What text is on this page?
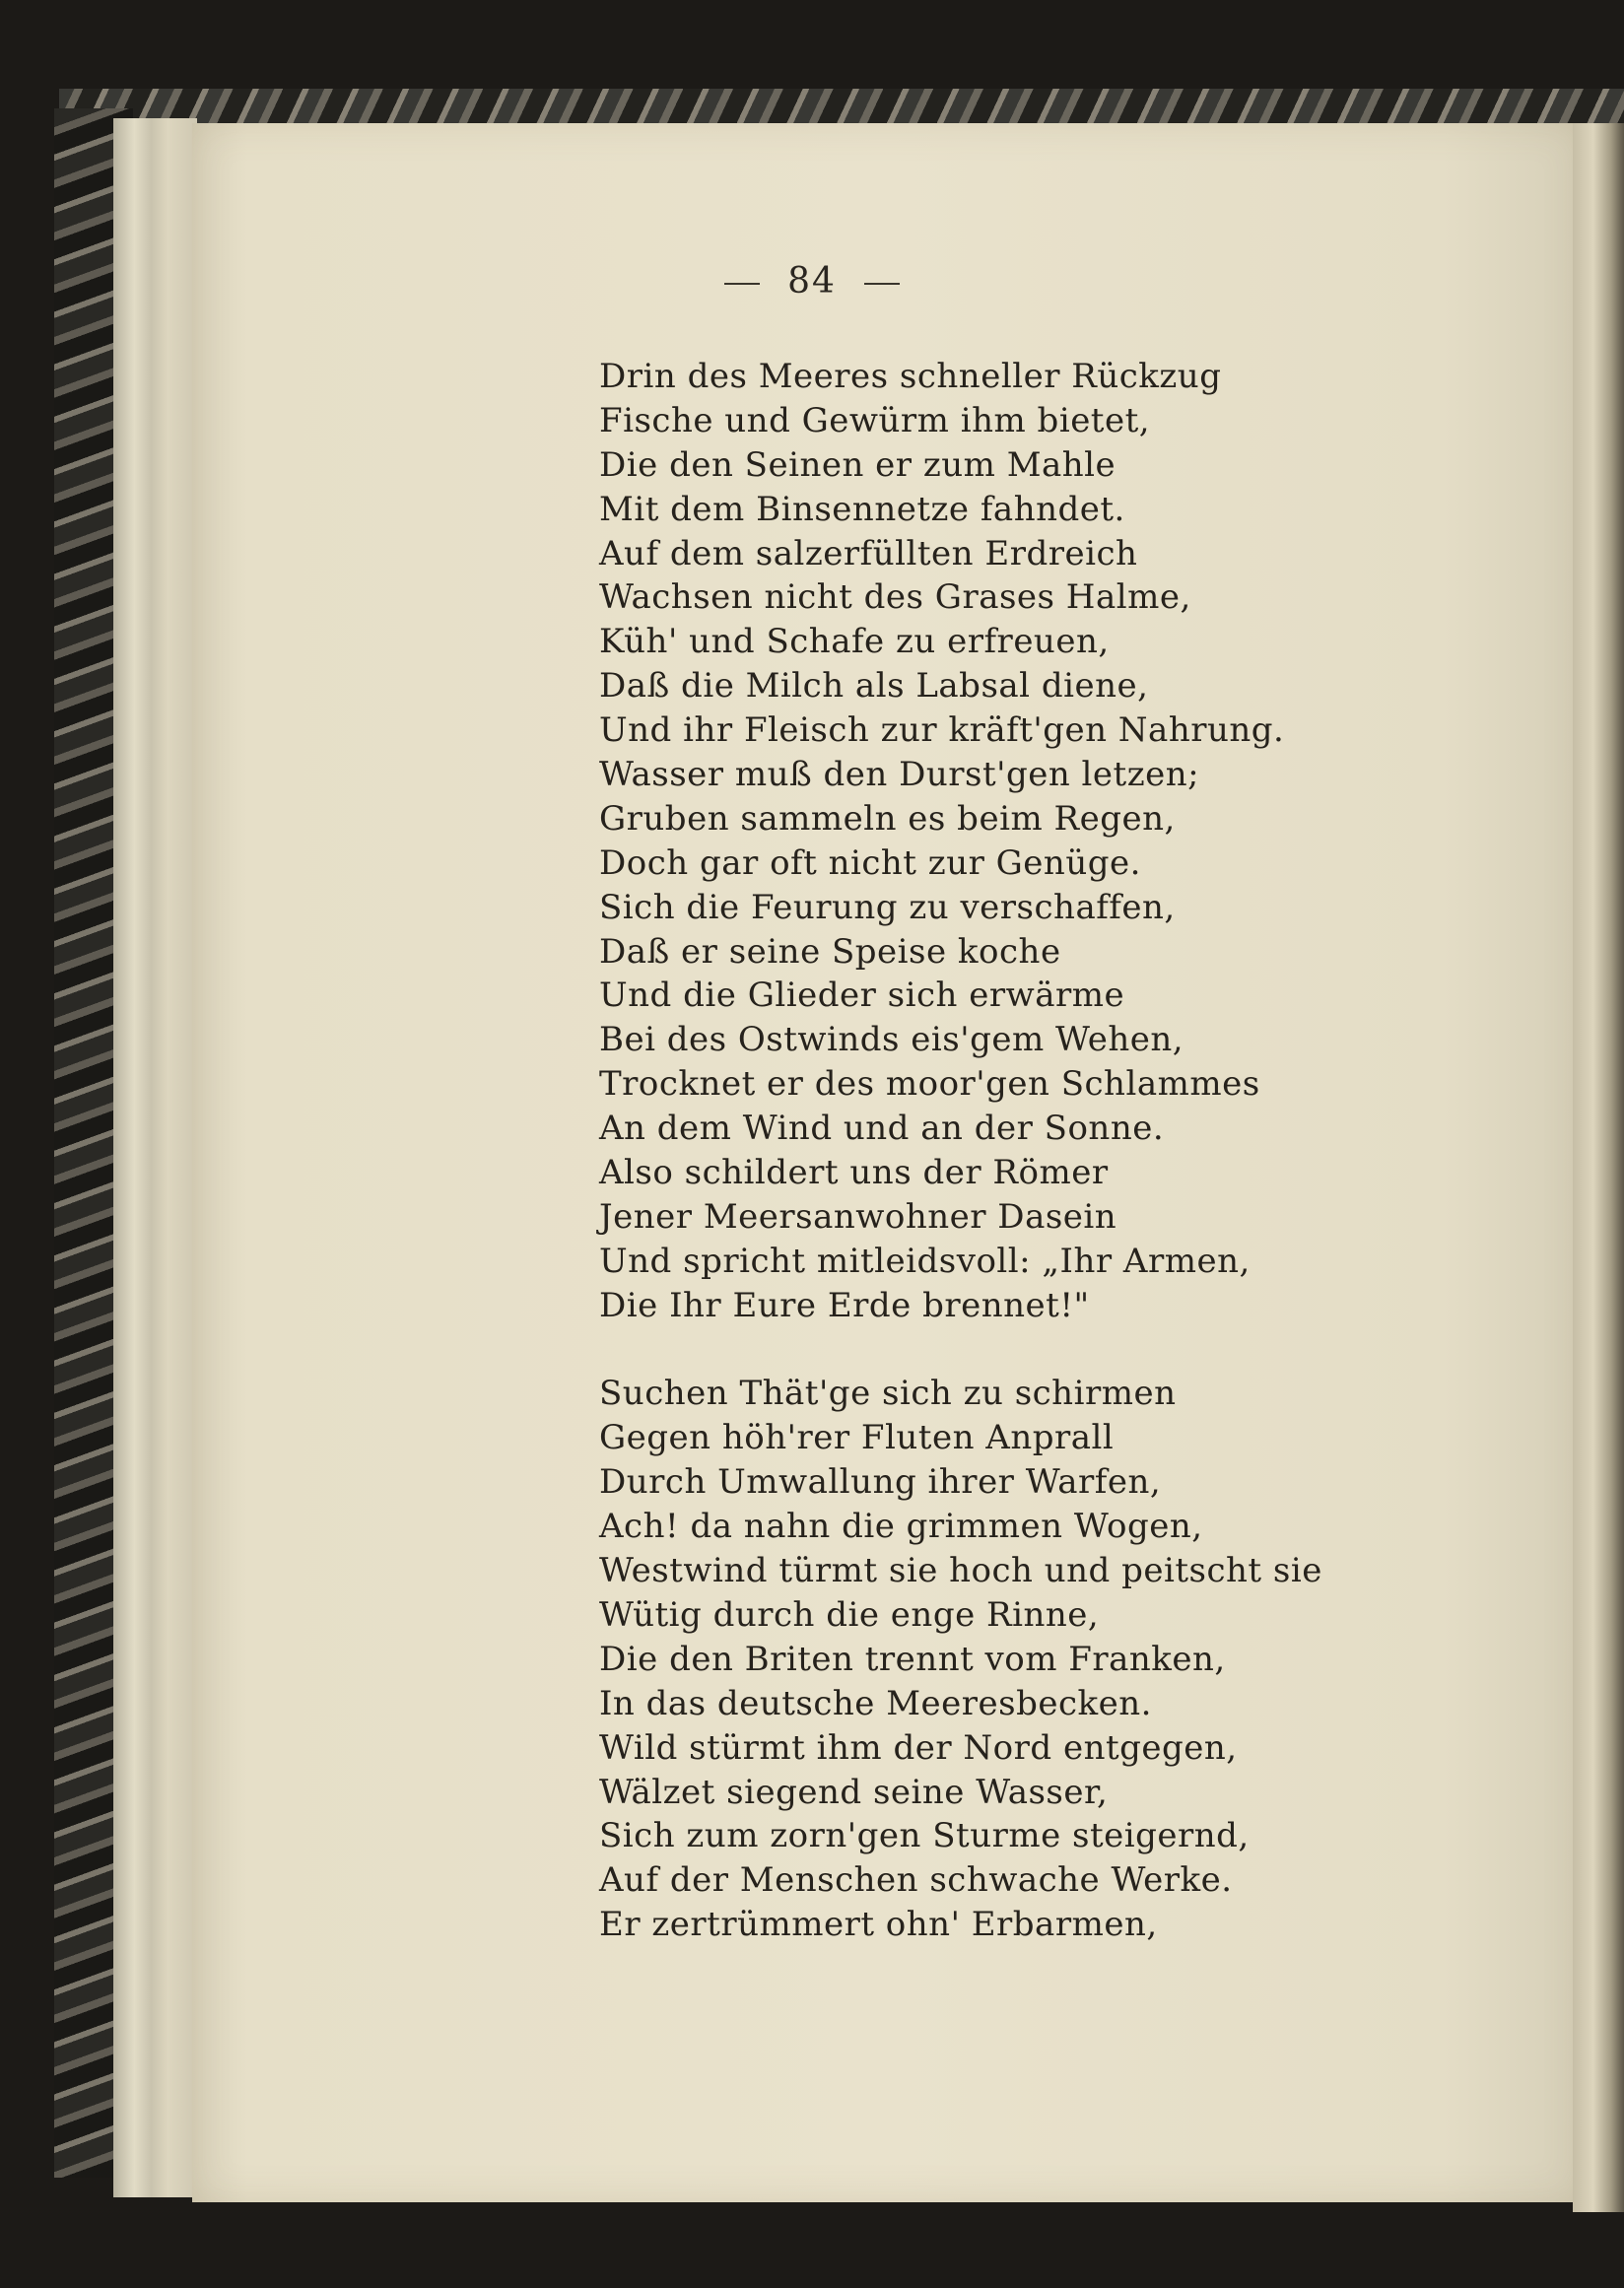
84
Drin des Meeres schneller Rückzug
Fische und Gewürm ihm bietet,
Die den Seinen er zum Mahle
Mit dem Binsennetze fahndet.
Auf dem salzerfüllten Erdreich
Wachsen nicht des Grases Halme,
Küh' und Schafe zu erfreuen,
Daß die Milch als Labsal diene,
Und ihr Fleisch zur kräft'gen Nahrung.
Wasser muß den Durst'gen letzen;
Gruben sammeln es beim Regen,
Doch gar oft nicht zur Genüge.
Sich die Feurung zu verschaffen,
Daß er seine Speise koche
Und die Glieder sich erwärme
Bei des Ostwinds eis'gem Wehen,
Trocknet er des moor'gen Schlammes
An dem Wind und an der Sonne.
Also schildert uns der Römer
Jener Meersanwohner Dasein
Und spricht mitleidsvoll: „Ihr Armen,
Die Ihr Eure Erde brennet!"
Suchen Thät'ge sich zu schirmen
Gegen höh'rer Fluten Anprall
Durch Umwallung ihrer Warfen,
Ach! da nahn die grimmen Wogen,
Westwind türmt sie hoch und peitscht sie
Wütig durch die enge Rinne,
Die den Briten trennt vom Franken,
In das deutsche Meeresbecken.
Wild stürmt ihm der Nord entgegen,
Wälzet siegend seine Wasser,
Sich zum zorn'gen Sturme steigernd,
Auf der Menschen schwache Werke.
Er zertrümmert ohn' Erbarmen,
